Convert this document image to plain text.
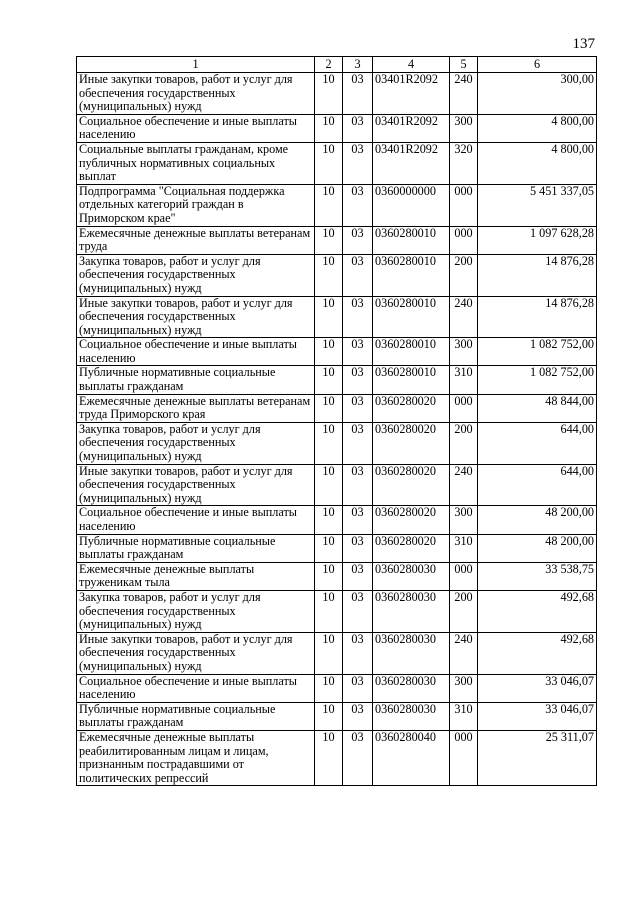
137
1	2	3	4	5	6
Иные закупки товаров, работ и услуг для обеспечения государственных (муниципальных) нужд	10	03	03401R2092	240	300,00
Социальное обеспечение и иные выплаты населению	10	03	03401R2092	300	4 800,00
Социальные выплаты гражданам, кроме публичных нормативных социальных выплат	10	03	03401R2092	320	4 800,00
Подпрограмма "Социальная поддержка отдельных категорий граждан в Приморском крае"	10	03	0360000000	000	5 451 337,05
Ежемесячные денежные выплаты ветеранам труда	10	03	0360280010	000	1 097 628,28
Закупка товаров, работ и услуг для обеспечения государственных (муниципальных) нужд	10	03	0360280010	200	14 876,28
Иные закупки товаров, работ и услуг для обеспечения государственных (муниципальных) нужд	10	03	0360280010	240	14 876,28
Социальное обеспечение и иные выплаты населению	10	03	0360280010	300	1 082 752,00
Публичные нормативные социальные выплаты гражданам	10	03	0360280010	310	1 082 752,00
Ежемесячные денежные выплаты ветеранам труда Приморского края	10	03	0360280020	000	48 844,00
Закупка товаров, работ и услуг для обеспечения государственных (муниципальных) нужд	10	03	0360280020	200	644,00
Иные закупки товаров, работ и услуг для обеспечения государственных (муниципальных) нужд	10	03	0360280020	240	644,00
Социальное обеспечение и иные выплаты населению	10	03	0360280020	300	48 200,00
Публичные нормативные социальные выплаты гражданам	10	03	0360280020	310	48 200,00
Ежемесячные денежные выплаты труженикам тыла	10	03	0360280030	000	33 538,75
Закупка товаров, работ и услуг для обеспечения государственных (муниципальных) нужд	10	03	0360280030	200	492,68
Иные закупки товаров, работ и услуг для обеспечения государственных (муниципальных) нужд	10	03	0360280030	240	492,68
Социальное обеспечение и иные выплаты населению	10	03	0360280030	300	33 046,07
Публичные нормативные социальные выплаты гражданам	10	03	0360280030	310	33 046,07
Ежемесячные денежные выплаты реабилитированным лицам и лицам, признанным пострадавшими от политических репрессий	10	03	0360280040	000	25 311,07
